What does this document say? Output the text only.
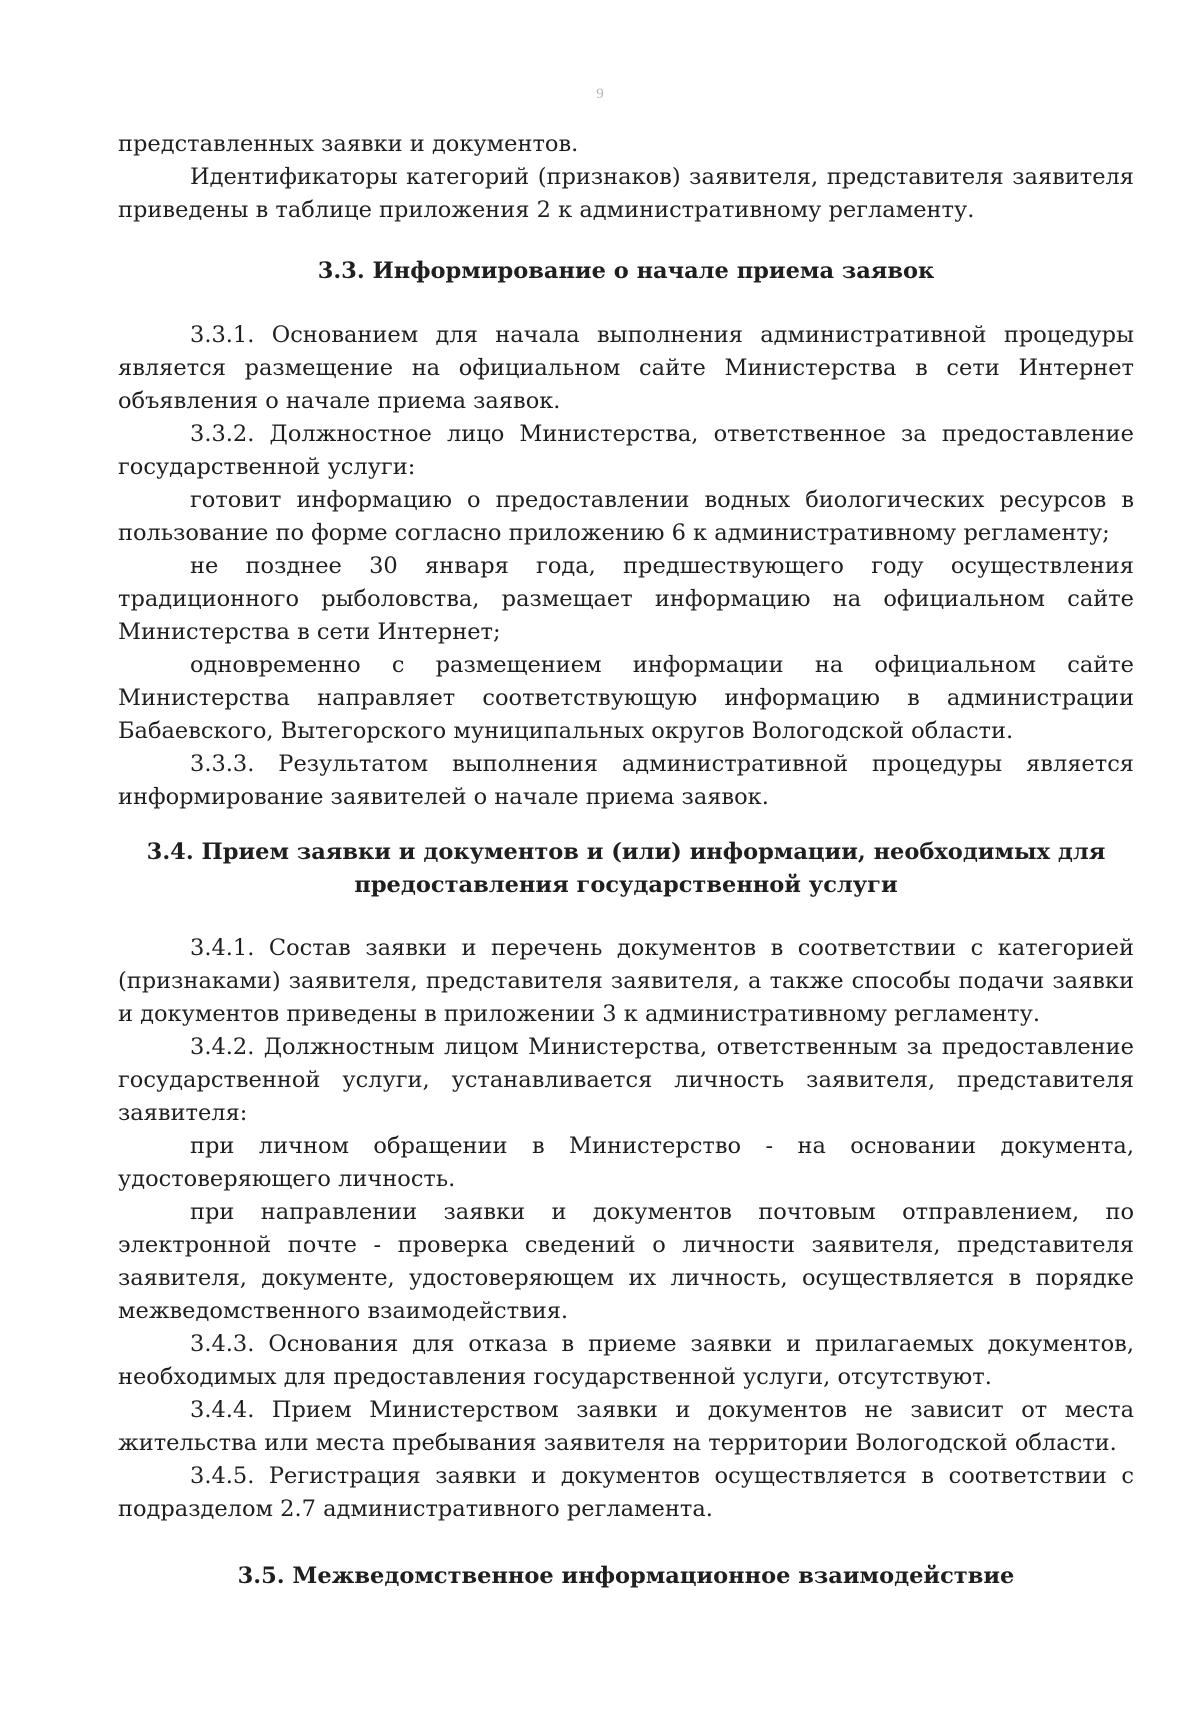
9

представленных заявки и документов.

Идентификаторы категорий (признаков) заявителя, представителя заявителя приведены в таблице приложения 2 к административному регламенту.

3.3. Информирование о начале приема заявок

3.3.1. Основанием для начала выполнения административной процедуры является размещение на официальном сайте Министерства в сети Интернет объявления о начале приема заявок.

3.3.2. Должностное лицо Министерства, ответственное за предоставление государственной услуги:

готовит информацию о предоставлении водных биологических ресурсов в пользование по форме согласно приложению 6 к административному регламенту;

не позднее 30 января года, предшествующего году осуществления традиционного рыболовства, размещает информацию на официальном сайте Министерства в сети Интернет;

одновременно с размещением информации на официальном сайте Министерства направляет соответствующую информацию в администрации Бабаевского, Вытегорского муниципальных округов Вологодской области.

3.3.3. Результатом выполнения административной процедуры является информирование заявителей о начале приема заявок.

3.4. Прием заявки и документов и (или) информации, необходимых для предоставления государственной услуги

3.4.1. Состав заявки и перечень документов в соответствии с категорией (признаками) заявителя, представителя заявителя, а также способы подачи заявки и документов приведены в приложении 3 к административному регламенту.

3.4.2. Должностным лицом Министерства, ответственным за предоставление государственной услуги, устанавливается личность заявителя, представителя заявителя:

при личном обращении в Министерство - на основании документа, удостоверяющего личность.

при направлении заявки и документов почтовым отправлением, по электронной почте - проверка сведений о личности заявителя, представителя заявителя, документе, удостоверяющем их личность, осуществляется в порядке межведомственного взаимодействия.

3.4.3. Основания для отказа в приеме заявки и прилагаемых документов, необходимых для предоставления государственной услуги, отсутствуют.

3.4.4. Прием Министерством заявки и документов не зависит от места жительства или места пребывания заявителя на территории Вологодской области.

3.4.5. Регистрация заявки и документов осуществляется в соответствии с подразделом 2.7 административного регламента.

3.5. Межведомственное информационное взаимодействие
